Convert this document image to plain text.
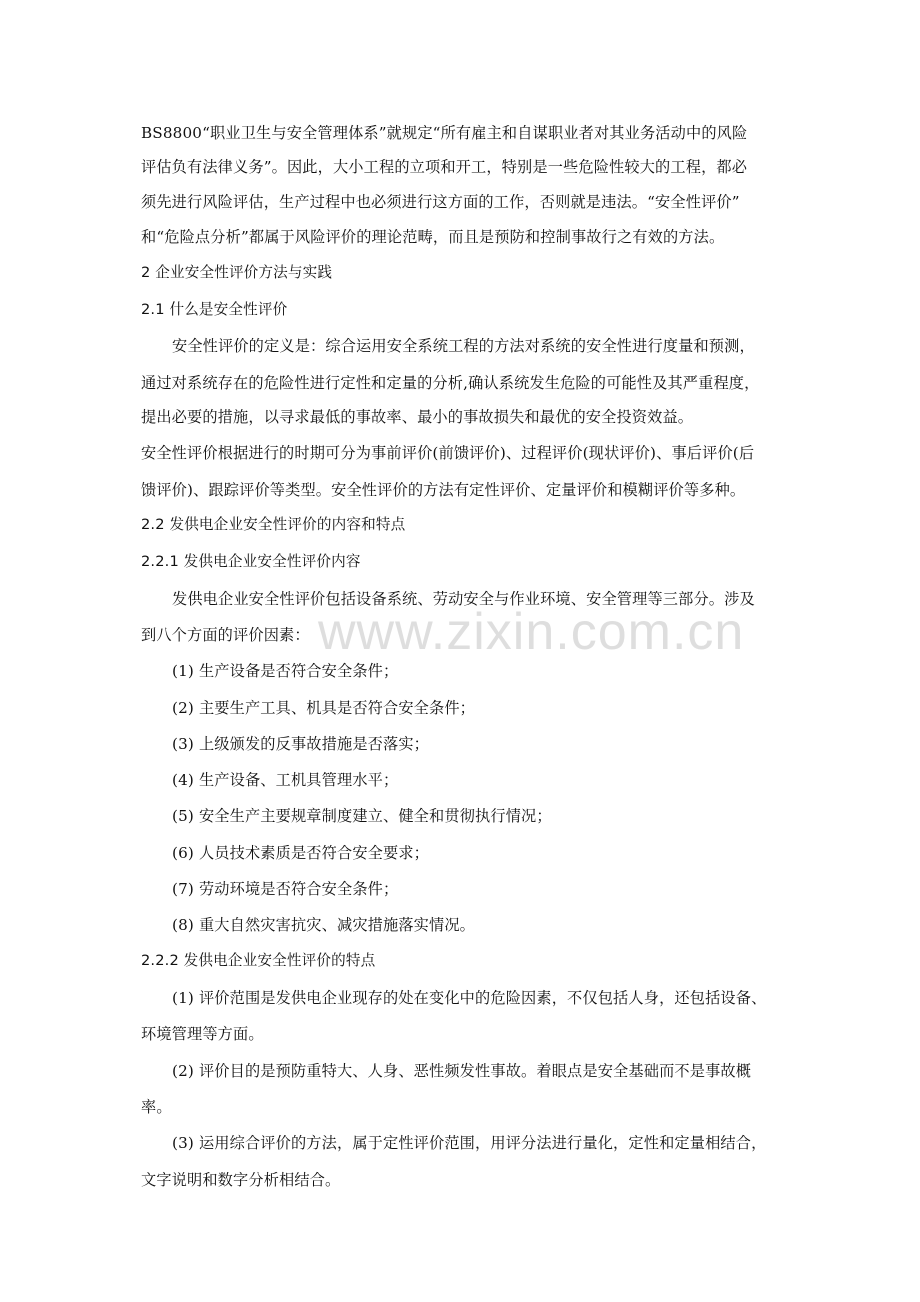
www.zixin.com.cn
BS8800“职业卫生与安全管理体系”就规定“所有雇主和自谋职业者对其业务活动中的风险
评估负有法律义务”。因此，大小工程的立项和开工，特别是一些危险性较大的工程，都必
须先进行风险评估，生产过程中也必须进行这方面的工作，否则就是违法。“安全性评价”
和“危险点分析”都属于风险评价的理论范畴，而且是预防和控制事故行之有效的方法。
2 企业安全性评价方法与实践
2.1 什么是安全性评价
安全性评价的定义是：综合运用安全系统工程的方法对系统的安全性进行度量和预测，
通过对系统存在的危险性进行定性和定量的分析,确认系统发生危险的可能性及其严重程度，
提出必要的措施，以寻求最低的事故率、最小的事故损失和最优的安全投资效益。
安全性评价根据进行的时期可分为事前评价(前馈评价)、过程评价(现状评价)、事后评价(后
馈评价)、跟踪评价等类型。安全性评价的方法有定性评价、定量评价和模糊评价等多种。
2.2 发供电企业安全性评价的内容和特点
2.2.1 发供电企业安全性评价内容
发供电企业安全性评价包括设备系统、劳动安全与作业环境、安全管理等三部分。涉及
到八个方面的评价因素：
(1) 生产设备是否符合安全条件；
(2) 主要生产工具、机具是否符合安全条件；
(3) 上级颁发的反事故措施是否落实；
(4) 生产设备、工机具管理水平；
(5) 安全生产主要规章制度建立、健全和贯彻执行情况；
(6) 人员技术素质是否符合安全要求；
(7) 劳动环境是否符合安全条件；
(8) 重大自然灾害抗灾、减灾措施落实情况。
2.2.2 发供电企业安全性评价的特点
(1) 评价范围是发供电企业现存的处在变化中的危险因素，不仅包括人身，还包括设备、
环境管理等方面。
(2) 评价目的是预防重特大、人身、恶性频发性事故。着眼点是安全基础而不是事故概
率。
(3) 运用综合评价的方法，属于定性评价范围，用评分法进行量化，定性和定量相结合，
文字说明和数字分析相结合。
